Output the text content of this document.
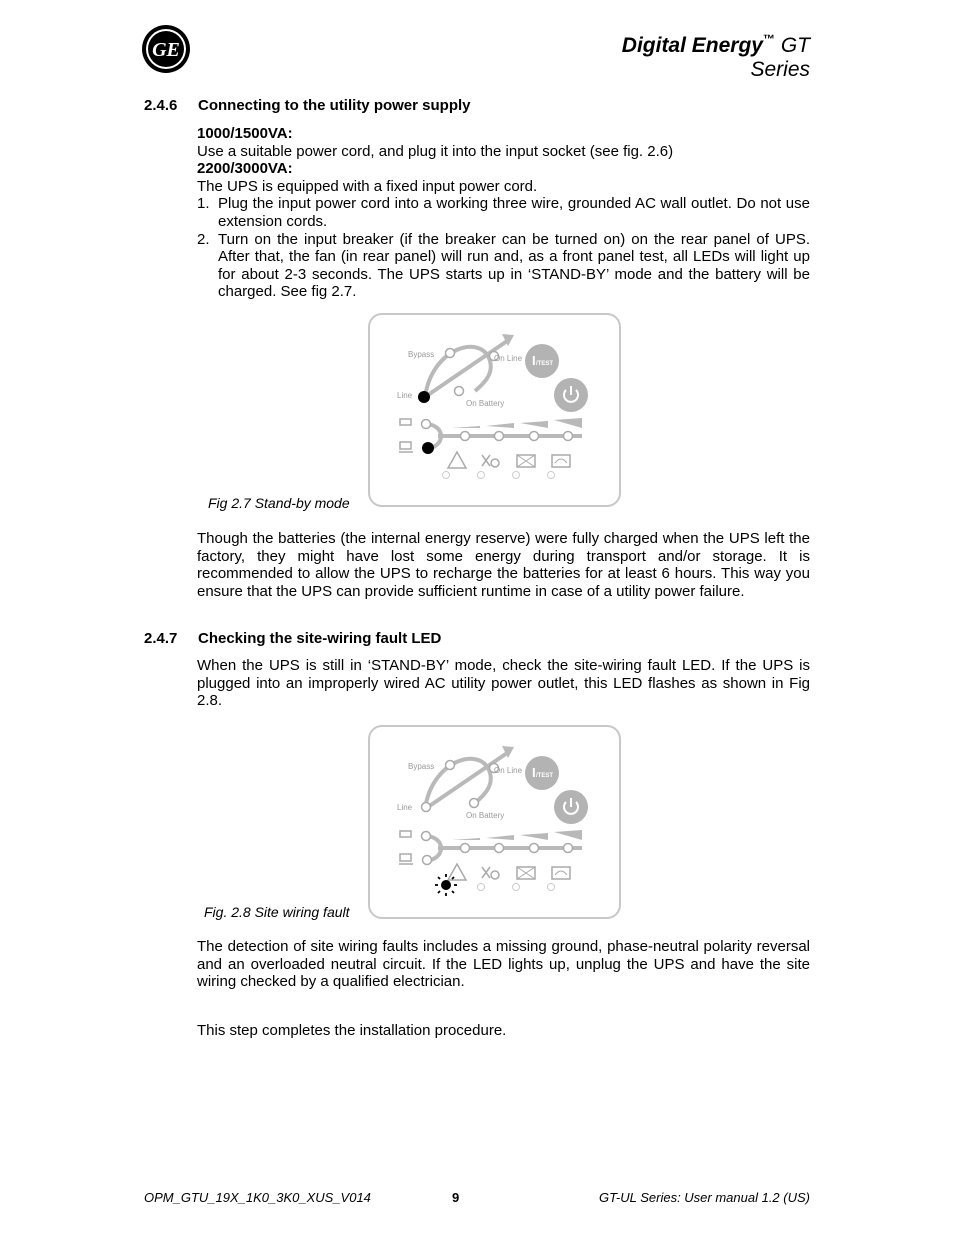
GE	Digital Energy™ GT Series
2.4.6 Connecting to the utility power supply
1000/1500VA:
Use a suitable power cord, and plug it into the input socket (see fig. 2.6)
2200/3000VA:
The UPS is equipped with a fixed input power cord.
1. Plug the input power cord into a working three wire, grounded AC wall outlet. Do not use extension cords.
2. Turn on the input breaker (if the breaker can be turned on) on the rear panel of UPS. After that, the fan (in rear panel) will run and, as a front panel test, all LEDs will light up for about 2-3 seconds. The UPS starts up in ‘STAND-BY’ mode and the battery will be charged. See fig 2.7.
Bypass	On Line
Line
On Battery
I /TEST
Fig 2.7 Stand-by mode
Though the batteries (the internal energy reserve) were fully charged when the UPS left the factory, they might have lost some energy during transport and/or storage. It is recommended to allow the UPS to recharge the batteries for at least 6 hours. This way you ensure that the UPS can provide sufficient runtime in case of a utility power failure.
2.4.7 Checking the site-wiring fault LED
When the UPS is still in ‘STAND-BY’ mode, check the site-wiring fault LED. If the UPS is plugged into an improperly wired AC utility power outlet, this LED flashes as shown in Fig 2.8.
Bypass	On Line
Line
On Battery
I /TEST
Fig. 2.8 Site wiring fault
The detection of site wiring faults includes a missing ground, phase-neutral polarity reversal and an overloaded neutral circuit. If the LED lights up, unplug the UPS and have the site wiring checked by a qualified electrician.
This step completes the installation procedure.
OPM_GTU_19X_1K0_3K0_XUS_V014	9	GT-UL Series: User manual 1.2 (US)
